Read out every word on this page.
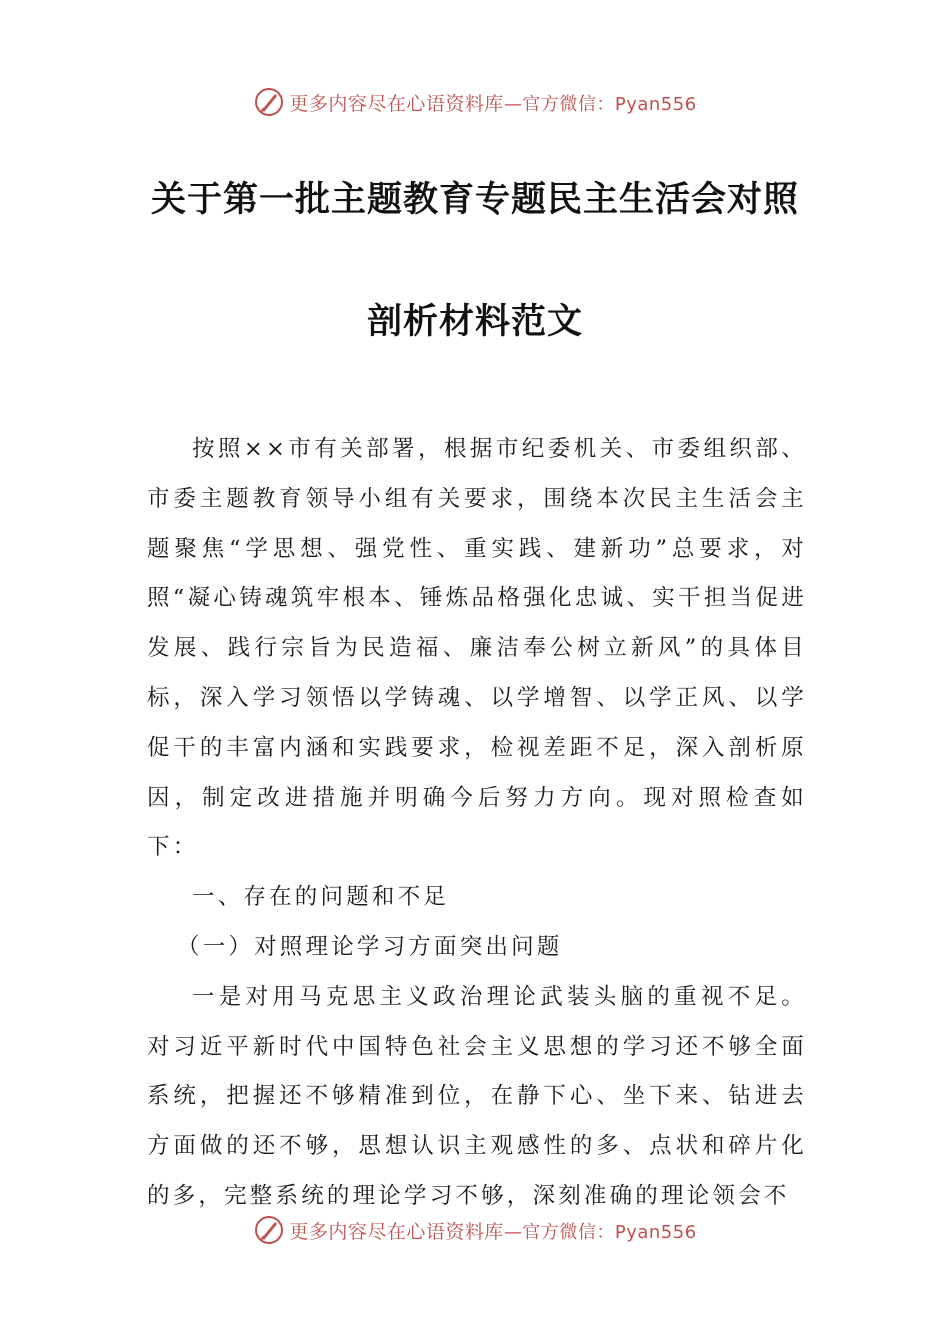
更多内容尽在心语资料库—官方微信：Pyan556
关于第一批主题教育专题民主生活会对照
剖析材料范文

按照××市有关部署，根据市纪委机关、市委组织部、市委主题教育领导小组有关要求，围绕本次民主生活会主题聚焦“学思想、强党性、重实践、建新功”总要求，对照“凝心铸魂筑牢根本、锤炼品格强化忠诚、实干担当促进发展、践行宗旨为民造福、廉洁奉公树立新风”的具体目标，深入学习领悟以学铸魂、以学增智、以学正风、以学促干的丰富内涵和实践要求，检视差距不足，深入剖析原因，制定改进措施并明确今后努力方向。现对照检查如下：

一、存在的问题和不足

（一）对照理论学习方面突出问题

一是对用马克思主义政治理论武装头脑的重视不足。对习近平新时代中国特色社会主义思想的学习还不够全面系统，把握还不够精准到位，在静下心、坐下来、钻进去方面做的还不够，思想认识主观感性的多、点状和碎片化的多，完整系统的理论学习不够，深刻准确的理论领会不

更多内容尽在心语资料库—官方微信：Pyan556
